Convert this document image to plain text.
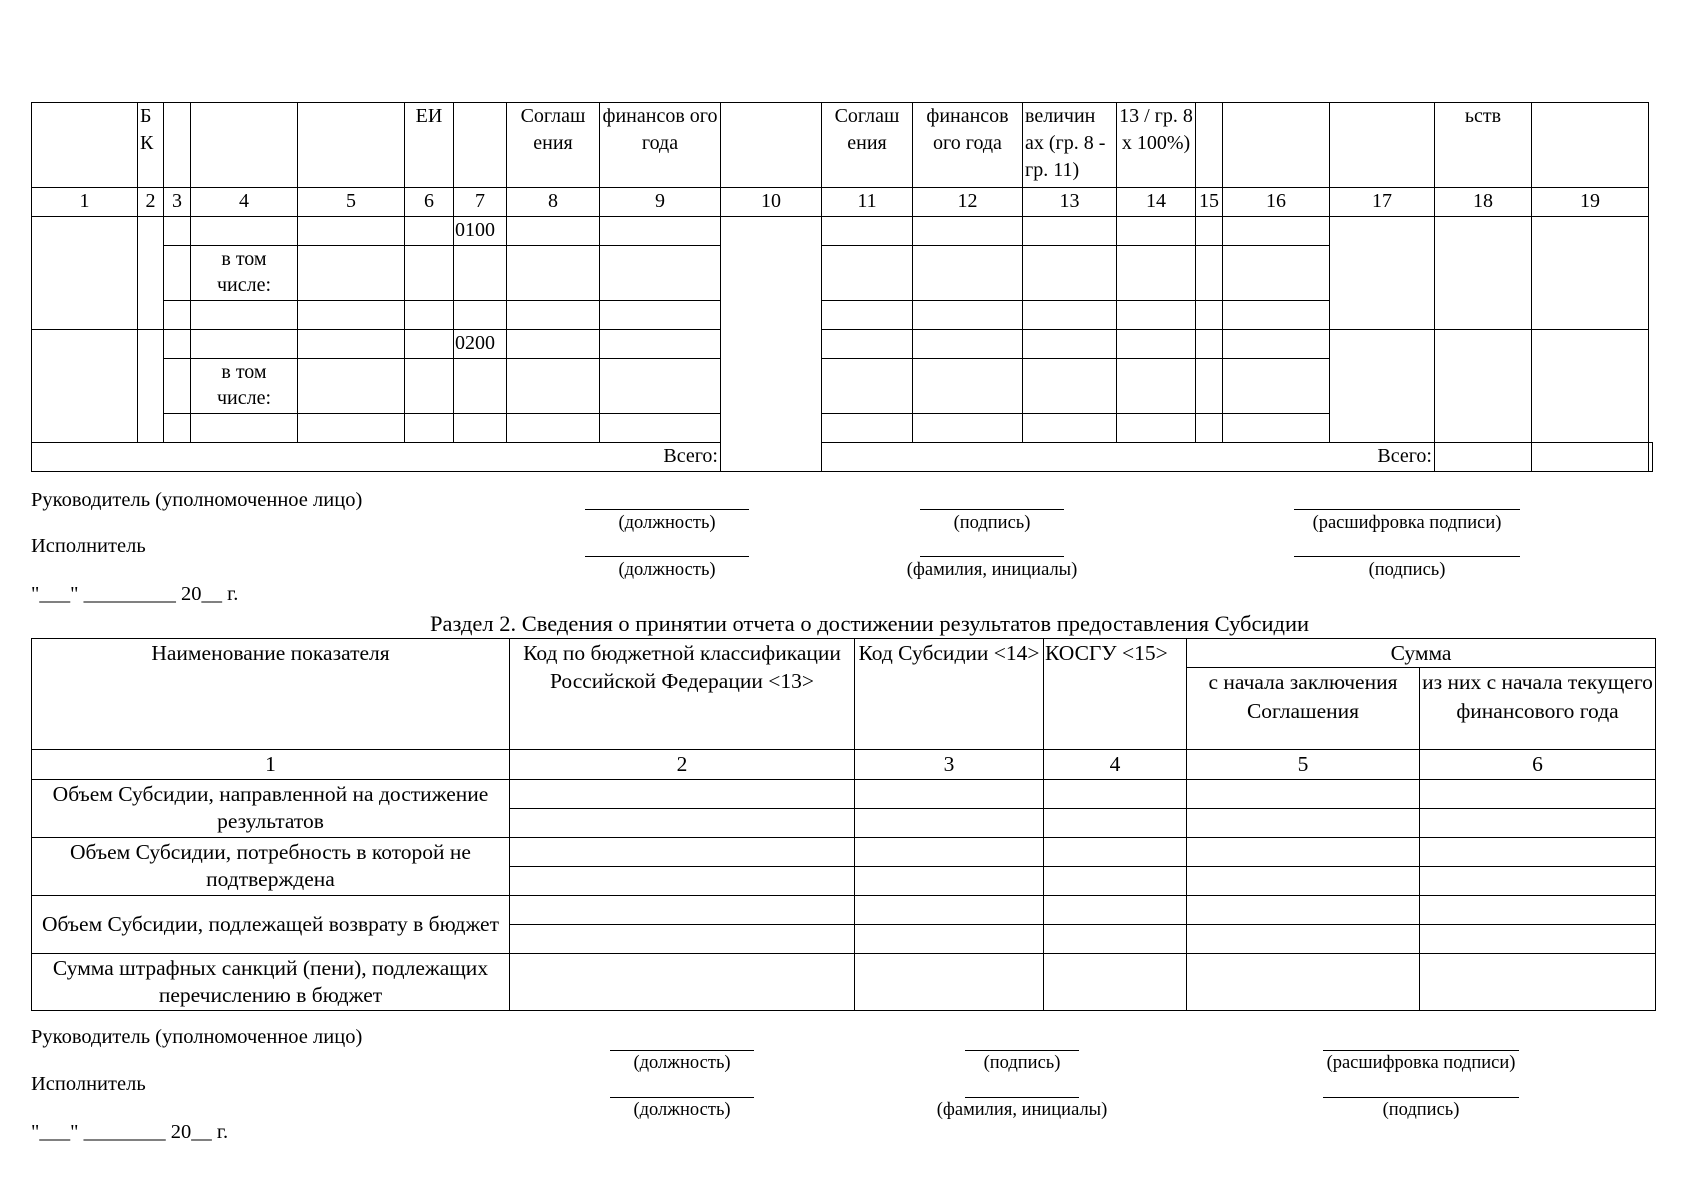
	Б К				ЕИ		Соглаш ения	финансов ого года		Соглаш ения	финансов ого года	величин ах (гр. 8 - гр. 11)	13 / гр. 8 х 100%)				ьств		
1	2	3	4	5	6	7	8	9	10	11	12	13	14	15	16	17	18	19	
						0100													
			в том числе:																

						0200													
			в том числе:																

Всего:										Всего:									
Руководитель (уполномоченное лицо)
(должность)	(подпись)	(расшифровка подписи)
Исполнитель
(должность)	(фамилия, инициалы)	(подпись)
"___" _________ 20__ г.
Раздел 2. Сведения о принятии отчета о достижении результатов предоставления Субсидии
Наименование показателя	Код по бюджетной классификации Российской Федерации <13>	Код Субсидии <14>	КОСГУ <15>	Сумма	
				с начала заключения Соглашения	из них с начала текущего финансового года
1	2	3	4	5	6
Объем Субсидии, направленной на достижение результатов					

Объем Субсидии, потребность в которой не подтверждена					

Объем Субсидии, подлежащей возврату в бюджет					

Сумма штрафных санкций (пени), подлежащих перечислению в бюджет					
Руководитель (уполномоченное лицо)
(должность)	(подпись)	(расшифровка подписи)
Исполнитель
(должность)	(фамилия, инициалы)	(подпись)
"___" ________ 20__ г.
